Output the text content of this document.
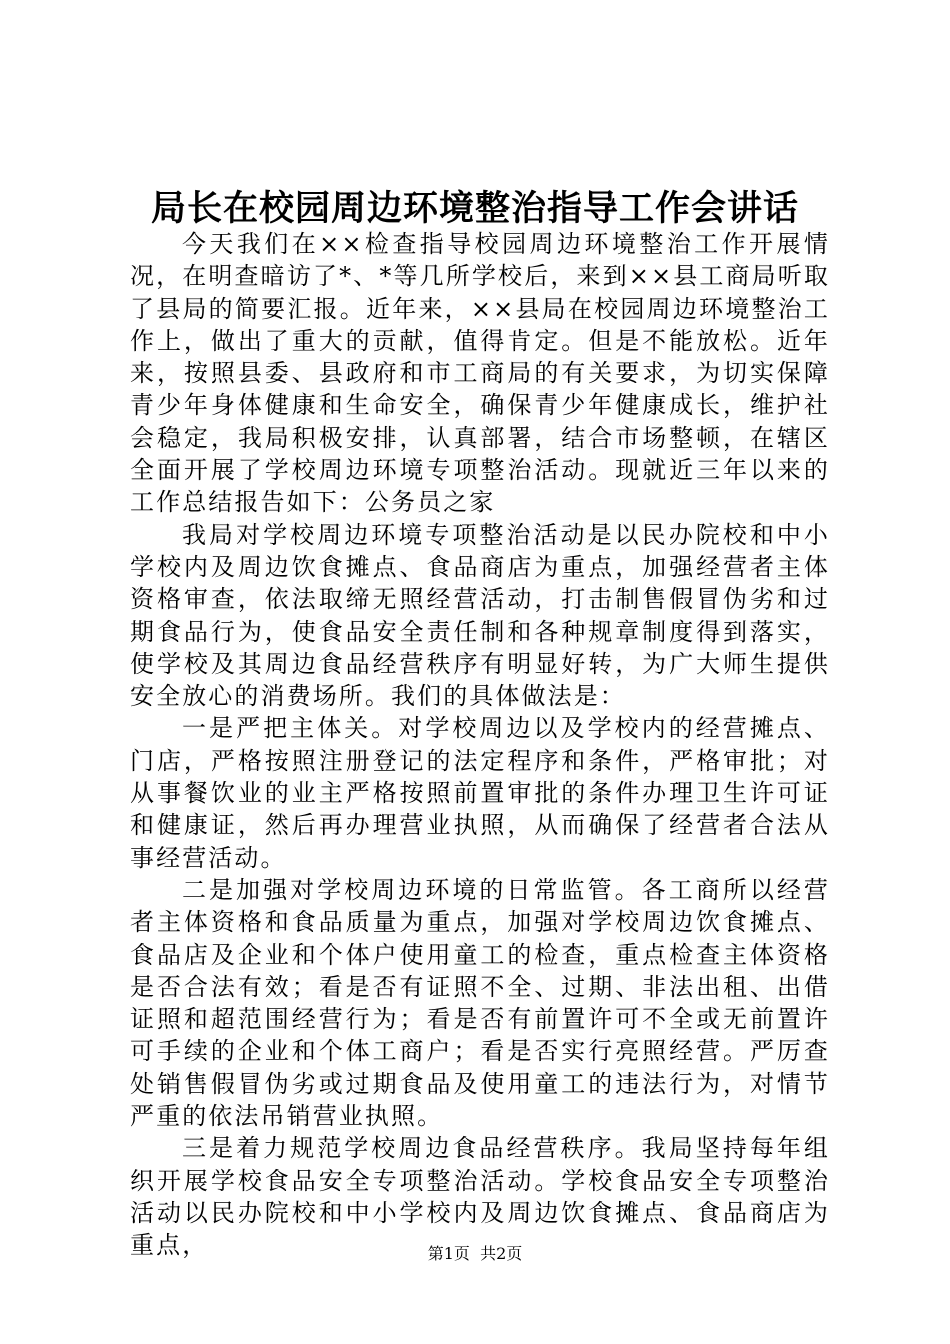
局长在校园周边环境整治指导工作会讲话

今天我们在××检查指导校园周边环境整治工作开展情况，在明查暗访了*、*等几所学校后，来到××县工商局听取了县局的简要汇报。近年来，××县局在校园周边环境整治工作上，做出了重大的贡献，值得肯定。但是不能放松。近年来，按照县委、县政府和市工商局的有关要求，为切实保障青少年身体健康和生命安全，确保青少年健康成长，维护社会稳定，我局积极安排，认真部署，结合市场整顿，在辖区全面开展了学校周边环境专项整治活动。现就近三年以来的工作总结报告如下：公务员之家

我局对学校周边环境专项整治活动是以民办院校和中小学校内及周边饮食摊点、食品商店为重点，加强经营者主体资格审查，依法取缔无照经营活动，打击制售假冒伪劣和过期食品行为，使食品安全责任制和各种规章制度得到落实，使学校及其周边食品经营秩序有明显好转，为广大师生提供安全放心的消费场所。我们的具体做法是：

一是严把主体关。对学校周边以及学校内的经营摊点、门店，严格按照注册登记的法定程序和条件，严格审批；对从事餐饮业的业主严格按照前置审批的条件办理卫生许可证和健康证，然后再办理营业执照，从而确保了经营者合法从事经营活动。

二是加强对学校周边环境的日常监管。各工商所以经营者主体资格和食品质量为重点，加强对学校周边饮食摊点、食品店及企业和个体户使用童工的检查，重点检查主体资格是否合法有效；看是否有证照不全、过期、非法出租、出借证照和超范围经营行为；看是否有前置许可不全或无前置许可手续的企业和个体工商户；看是否实行亮照经营。严厉查处销售假冒伪劣或过期食品及使用童工的违法行为，对情节严重的依法吊销营业执照。

三是着力规范学校周边食品经营秩序。我局坚持每年组织开展学校食品安全专项整治活动。学校食品安全专项整治活动以民办院校和中小学校内及周边饮食摊点、食品商店为重点，	第1页  共2页
